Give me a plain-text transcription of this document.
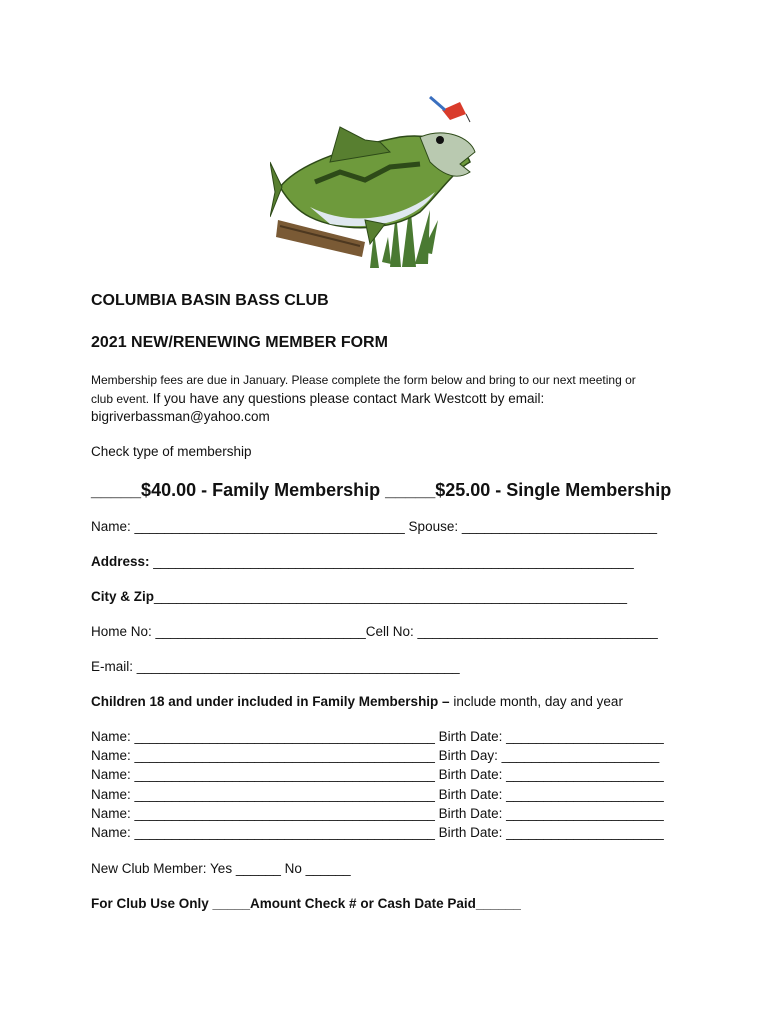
COLUMBIA BASIN BASS CLUB
2021 NEW/RENEWING MEMBER FORM
Membership fees are due in January. Please complete the form below and bring to our next meeting or
club event. If you have any questions please contact Mark Westcott by email:
bigriverbassman@yahoo.com
Check type of membership
_____$40.00 - Family Membership _____$25.00 - Single Membership
Name: ____________________________________ Spouse: __________________________
Address: ________________________________________________________________
City & Zip_______________________________________________________________
Home No: ____________________________Cell No: ________________________________
E-mail: ___________________________________________
Children 18 and under included in Family Membership – include month, day and year
Name: ________________________________________ Birth Date: _____________________
Name: ________________________________________ Birth Day: _____________________
Name: ________________________________________ Birth Date: _____________________
Name: ________________________________________ Birth Date: _____________________
Name: ________________________________________ Birth Date: _____________________
Name: ________________________________________ Birth Date: _____________________
New Club Member: Yes ______ No ______
For Club Use Only _____Amount Check # or Cash Date Paid______
